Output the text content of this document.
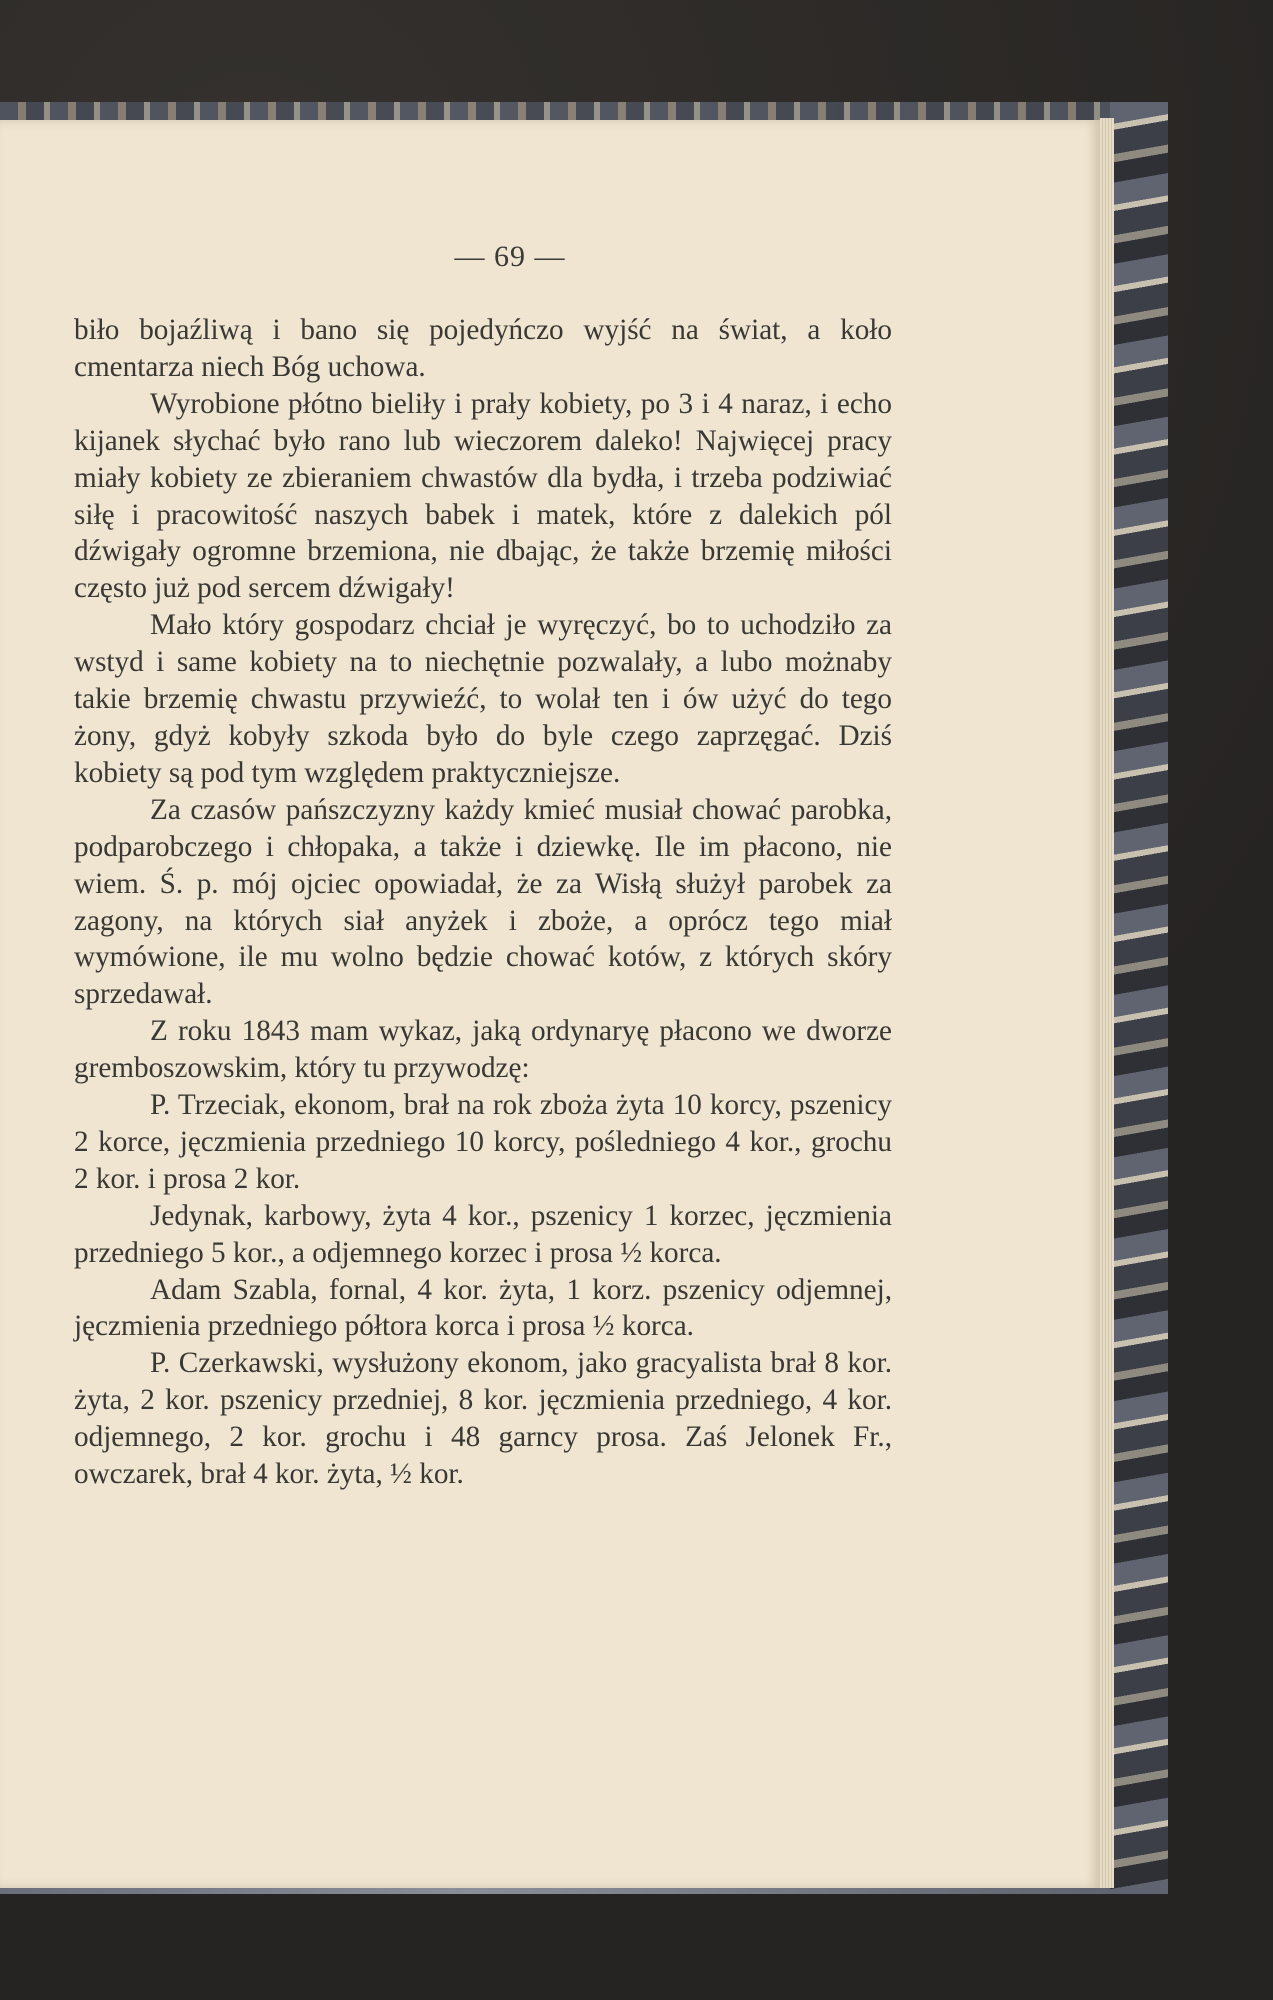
— 69 —

biło bojaźliwą i bano się pojedyńczo wyjść na świat, a koło cmentarza niech Bóg uchowa.

Wyrobione płótno bieliły i prały kobiety, po 3 i 4 naraz, i echo kijanek słychać było rano lub wieczorem daleko! Najwięcej pracy miały kobiety ze zbieraniem chwastów dla bydła, i trzeba podziwiać siłę i pracowitość naszych babek i matek, które z dalekich pól dźwigały ogromne brzemiona, nie dbając, że także brzemię miłości często już pod sercem dźwigały!

Mało który gospodarz chciał je wyręczyć, bo to uchodziło za wstyd i same kobiety na to niechętnie pozwalały, a lubo możnaby takie brzemię chwastu przywieźć, to wolał ten i ów użyć do tego żony, gdyż kobyły szkoda było do byle czego zaprzęgać. Dziś kobiety są pod tym względem praktyczniejsze.

Za czasów pańszczyzny każdy kmieć musiał chować parobka, podparobczego i chłopaka, a także i dziewkę. Ile im płacono, nie wiem. Ś. p. mój ojciec opowiadał, że za Wisłą służył parobek za zagony, na których siał anyżek i zboże, a oprócz tego miał wymówione, ile mu wolno będzie chować kotów, z których skóry sprzedawał.

Z roku 1843 mam wykaz, jaką ordynaryę płacono we dworze gremboszowskim, który tu przywodzę:

P. Trzeciak, ekonom, brał na rok zboża żyta 10 korcy, pszenicy 2 korce, jęczmienia przedniego 10 korcy, pośledniego 4 kor., grochu 2 kor. i prosa 2 kor.

Jedynak, karbowy, żyta 4 kor., pszenicy 1 korzec, jęczmienia przedniego 5 kor., a odjemnego korzec i prosa ½ korca.

Adam Szabla, fornal, 4 kor. żyta, 1 korz. pszenicy odjemnej, jęczmienia przedniego półtora korca i prosa ½ korca.

P. Czerkawski, wysłużony ekonom, jako gracyalista brał 8 kor. żyta, 2 kor. pszenicy przedniej, 8 kor. jęczmienia przedniego, 4 kor. odjemnego, 2 kor. grochu i 48 garncy prosa. Zaś Jelonek Fr., owczarek, brał 4 kor. żyta, ½ kor.
